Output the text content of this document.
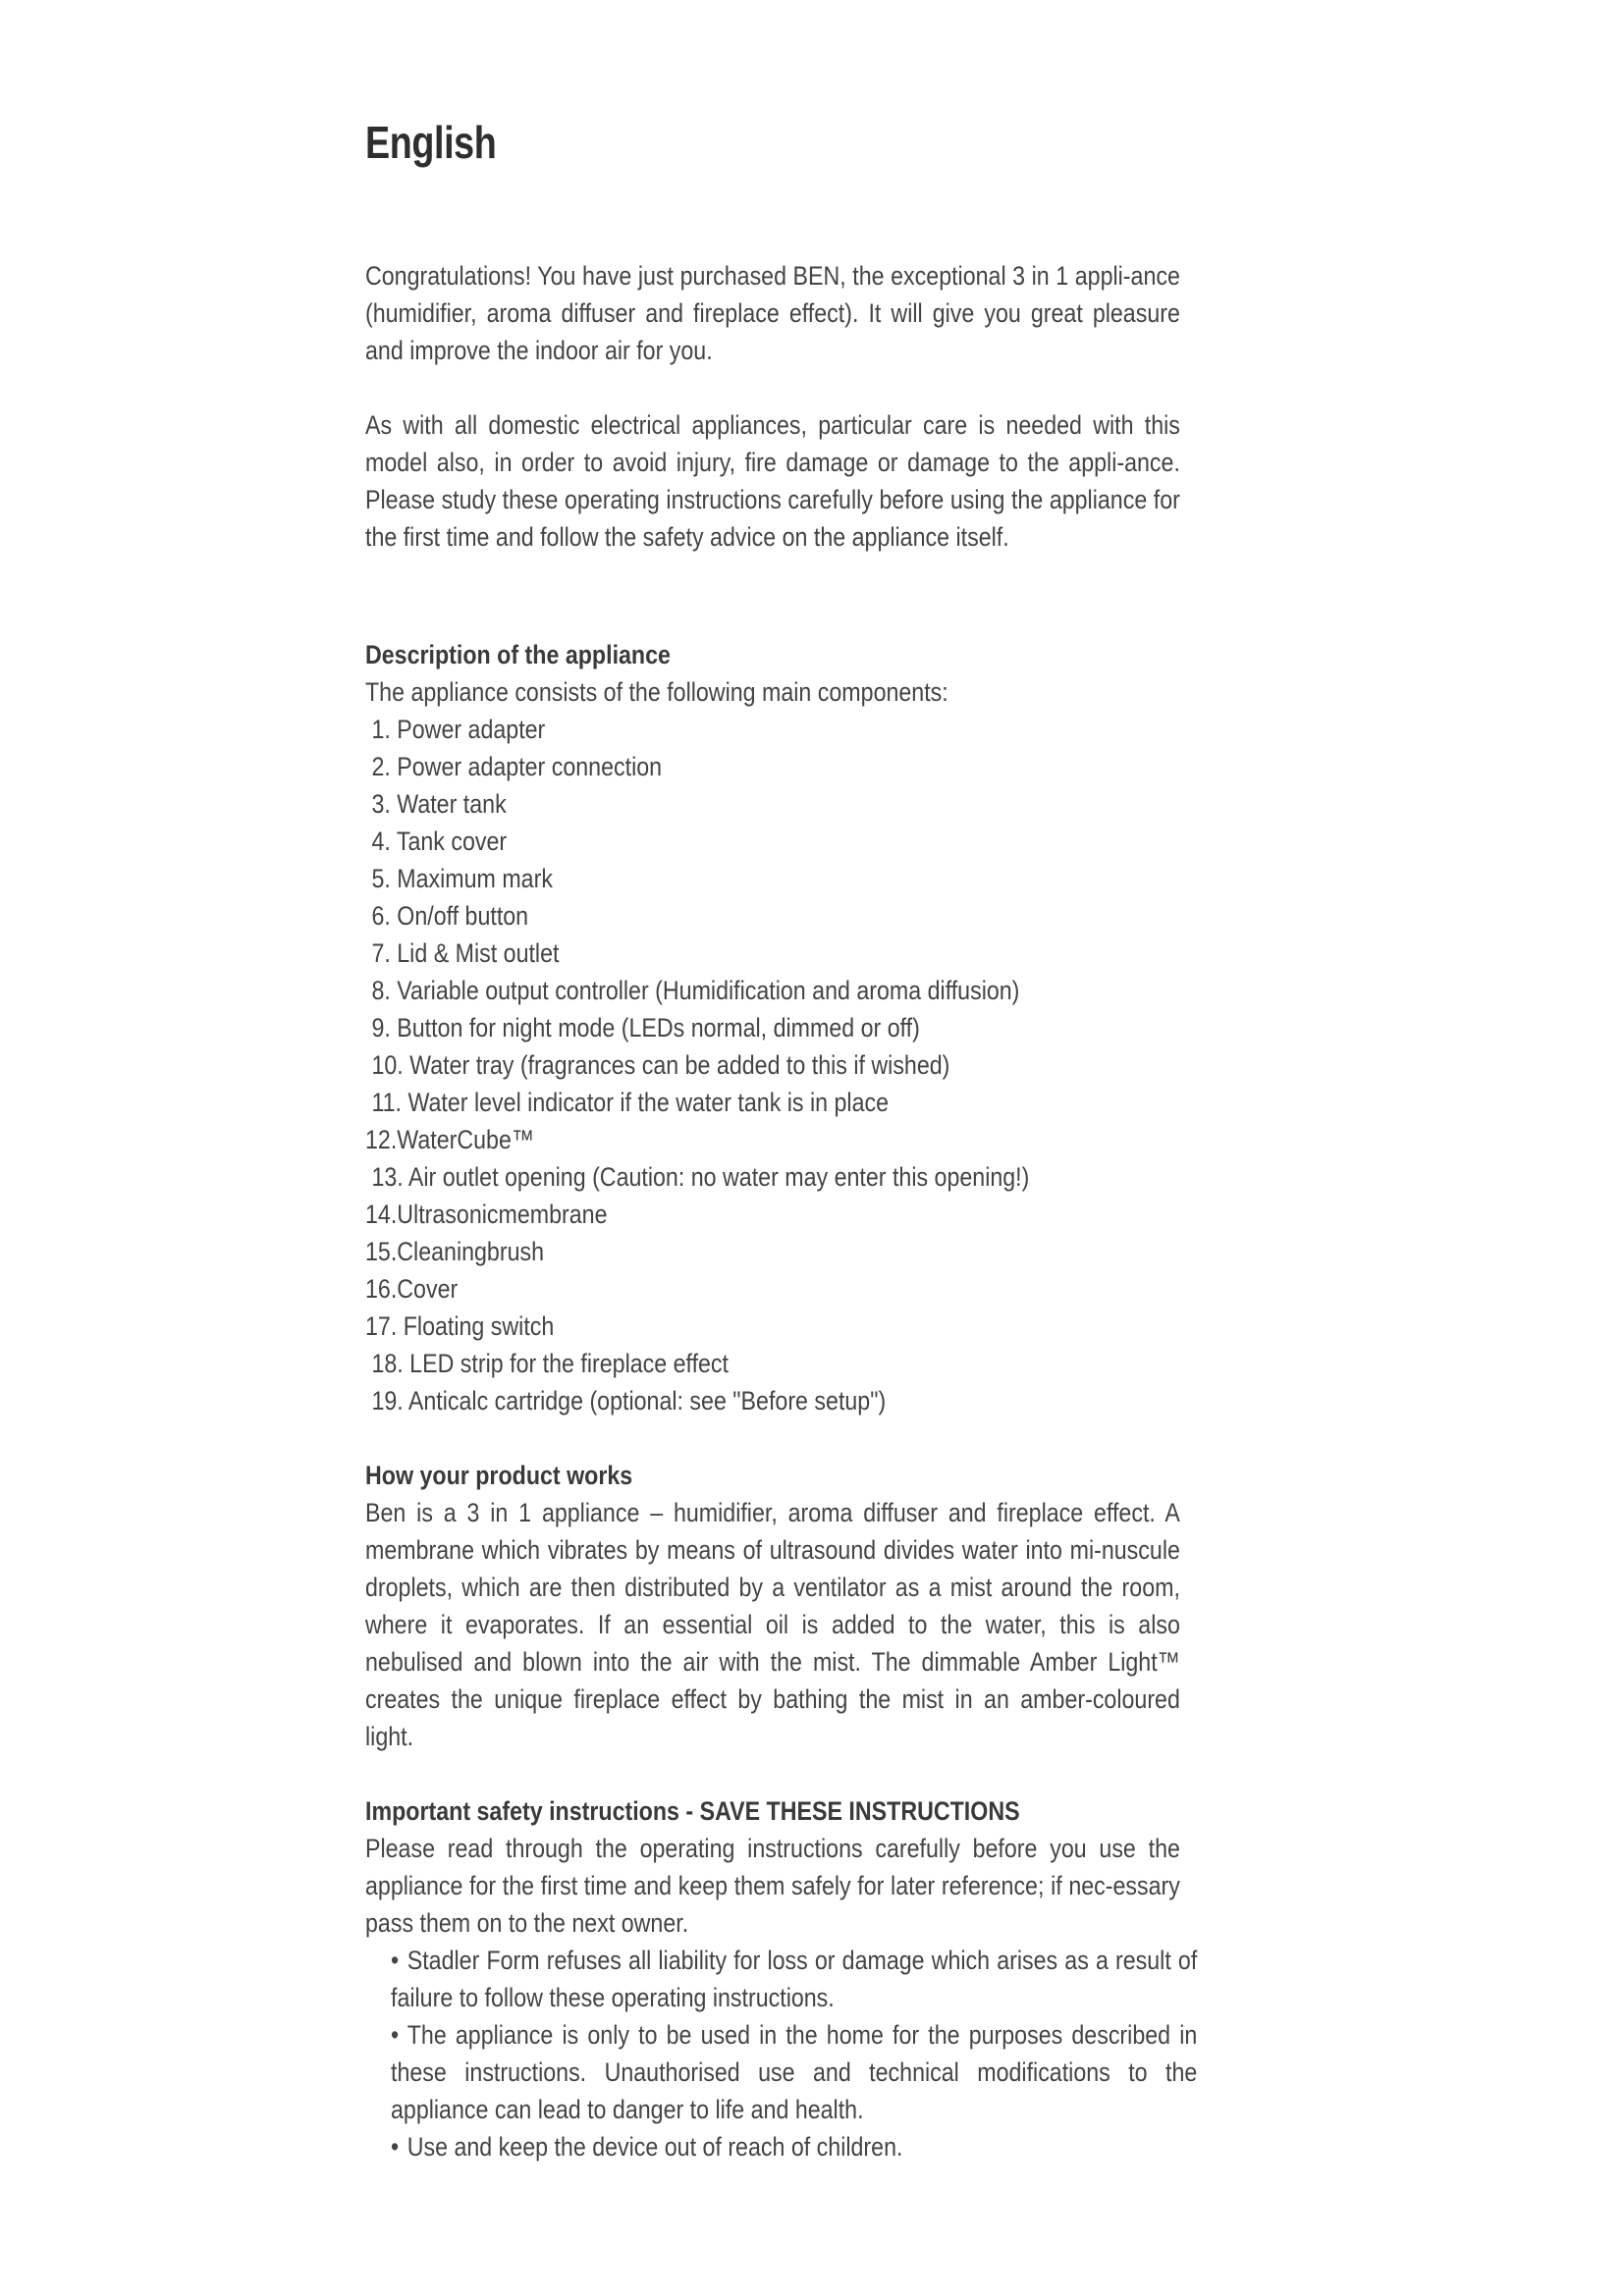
English

Congratulations! You have just purchased BEN, the exceptional 3 in 1 appli-ance (humidifier, aroma diffuser and fireplace effect). It will give you great pleasure and improve the indoor air for you.

As with all domestic electrical appliances, particular care is needed with this model also, in order to avoid injury, fire damage or damage to the appli-ance. Please study these operating instructions carefully before using the appliance for the first time and follow the safety advice on the appliance itself.

Description of the appliance

The appliance consists of the following main components:

1. Power adapter
2. Power adapter connection
3. Water tank
4. Tank cover
5. Maximum mark
6. On/off button
7. Lid & Mist outlet
8. Variable output controller (Humidification and aroma diffusion)
9. Button for night mode (LEDs normal, dimmed or off)
10. Water tray (fragrances can be added to this if wished)
11. Water level indicator if the water tank is in place
12.WaterCube™
13. Air outlet opening (Caution: no water may enter this opening!)
14.Ultrasonicmembrane
15.Cleaningbrush
16.Cover
17. Floating switch
18. LED strip for the fireplace effect
19. Anticalc cartridge (optional: see "Before setup")

How your product works

Ben is a 3 in 1 appliance – humidifier, aroma diffuser and fireplace effect. A membrane which vibrates by means of ultrasound divides water into mi-nuscule droplets, which are then distributed by a ventilator as a mist around the room, where it evaporates. If an essential oil is added to the water, this is also nebulised and blown into the air with the mist. The dimmable Amber Light™ creates the unique fireplace effect by bathing the mist in an amber-coloured light.

Important safety instructions - SAVE THESE INSTRUCTIONS

Please read through the operating instructions carefully before you use the appliance for the first time and keep them safely for later reference; if nec-essary pass them on to the next owner.

• Stadler Form refuses all liability for loss or damage which arises as a result of failure to follow these operating instructions.
• The appliance is only to be used in the home for the purposes described in these instructions. Unauthorised use and technical modifications to the appliance can lead to danger to life and health.
• Use and keep the device out of reach of children.
